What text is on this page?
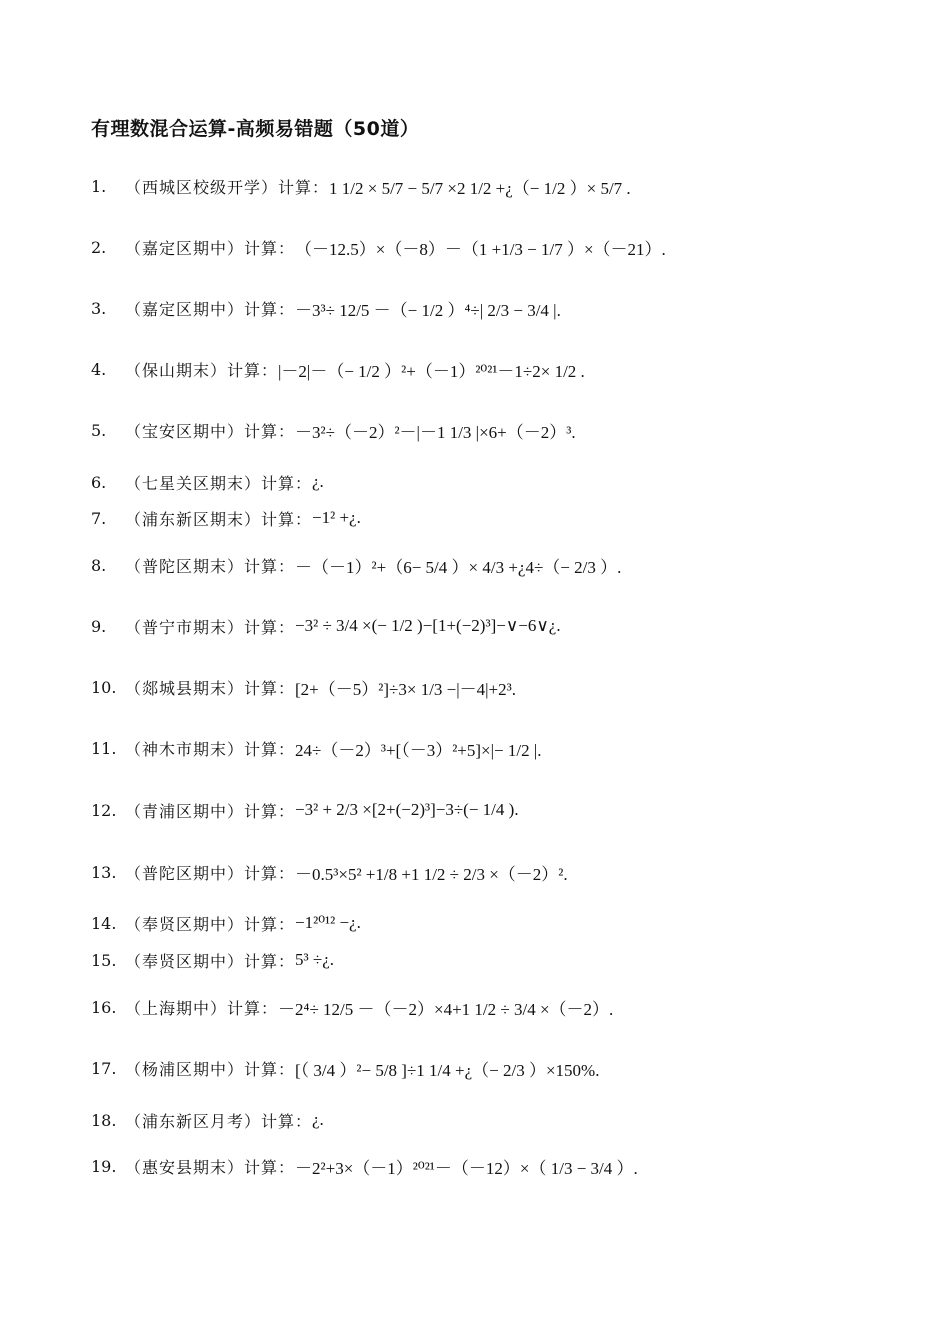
有理数混合运算-高频易错题（50道）
1.	（西城区校级开学）计算： 1 1/2 × 5/7 − 5/7 ×2 1/2 +¿（− 1/2 ）× 5/7 .
2.	（嘉定区期中）计算： （－12.5）×（－8）－（1 +1/3 − 1/7 ）×（－21）.
3.	（嘉定区期中）计算： －3³÷ 12/5 －（− 1/2 ）⁴÷| 2/3 − 3/4 |.
4.	（保山期末）计算： |－2|－（− 1/2 ）²+（－1）²⁰²¹－1÷2× 1/2 .
5.	（宝安区期中）计算： －3²÷（－2）²－|－1 1/3 |×6+（－2）³.
6.	（七星关区期末）计算： ¿.
7.	（浦东新区期末）计算： −1² +¿.
8.	（普陀区期末）计算： －（－1）²+（6− 5/4 ）× 4/3 +¿4÷（− 2/3 ）.
9.	（普宁市期末）计算： −3² ÷ 3/4 ×(− 1/2 )−[1+(−2)³]−∨−6∨¿.
10. （郯城县期末）计算： [2+（－5）²]÷3× 1/3 −|－4|+2³.
11. （神木市期末）计算： 24÷（－2）³+[（－3）²+5]×|− 1/2 |.
12. （青浦区期中）计算： −3² + 2/3 ×[2+(−2)³]−3÷(− 1/4 ).
13. （普陀区期中）计算： －0.5³×5² +1/8 +1 1/2 ÷ 2/3 ×（－2）².
14. （奉贤区期中）计算： −1²⁰¹² −¿.
15. （奉贤区期中）计算： 5³ ÷¿.
16. （上海期中）计算： －2⁴÷ 12/5 －（－2）×4+1 1/2 ÷ 3/4 ×（－2）.
17. （杨浦区期中）计算： [（ 3/4 ）²− 5/8 ]÷1 1/4 +¿（− 2/3 ）×150%.
18. （浦东新区月考）计算： ¿.
19. （惠安县期末）计算： －2²+3×（－1）²⁰²¹－（－12）×（ 1/3 − 3/4 ）.
